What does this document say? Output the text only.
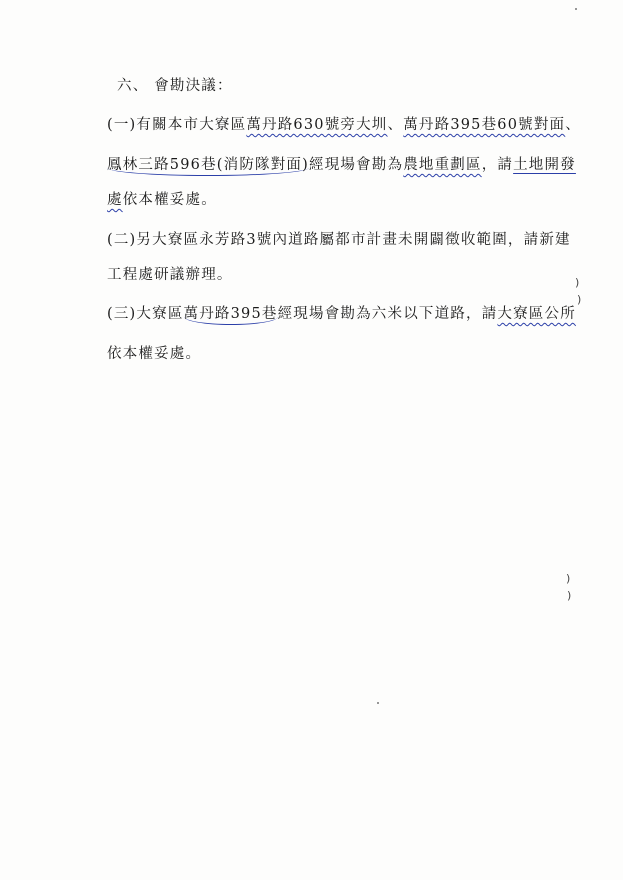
六、 會勘決議：
(一)有關本市大寮區萬丹路630號旁大圳、萬丹路395巷60號對面、
鳳林三路596巷(消防隊對面)經現場會勘為農地重劃區，請土地開發
處依本權妥處。
(二)另大寮區永芳路3號內道路屬都市計畫未開闢徵收範圍，請新建
工程處研議辦理。
(三)大寮區萬丹路395巷經現場會勘為六米以下道路，請大寮區公所
依本權妥處。
)
)
)
)
